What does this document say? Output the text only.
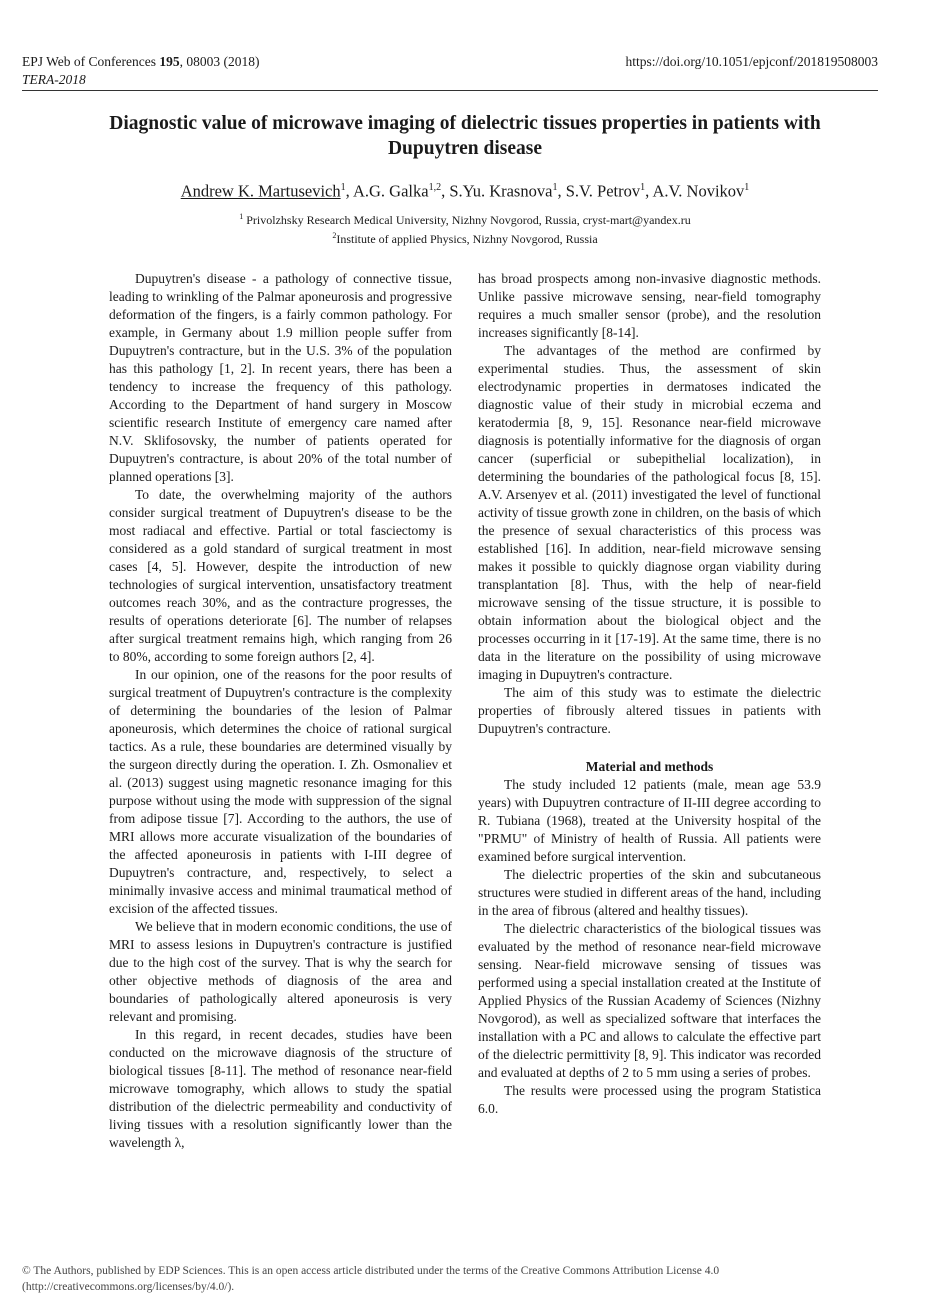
EPJ Web of Conferences 195, 08003 (2018)
TERA-2018
https://doi.org/10.1051/epjconf/201819508003
Diagnostic value of microwave imaging of dielectric tissues properties in patients with Dupuytren disease
Andrew K. Martusevich$^1$, A.G. Galka$^{1,2}$, S.Yu. Krasnova$^1$, S.V. Petrov$^1$, A.V. Novikov$^1$
$^1$ Privolzhsky Research Medical University, Nizhny Novgorod, Russia, cryst-mart@yandex.ru
$^2$Institute of applied Physics, Nizhny Novgorod, Russia

Dupuytren's disease - a pathology of connective tissue, leading to wrinkling of the Palmar aponeurosis and progressive deformation of the fingers, is a fairly common pathology. For example, in Germany about 1.9 million people suffer from Dupuytren's contracture, but in the U.S. 3% of the population has this pathology [1, 2]. In recent years, there has been a tendency to increase the frequency of this pathology. According to the Department of hand surgery in Moscow scientific research Institute of emergency care named after N.V. Sklifosovsky, the number of patients operated for Dupuytren's contracture, is about 20% of the total number of planned operations [3].

To date, the overwhelming majority of the authors consider surgical treatment of Dupuytren's disease to be the most radiacal and effective. Partial or total fasciectomy is considered as a gold standard of surgical treatment in most cases [4, 5]. However, despite the introduction of new technologies of surgical intervention, unsatisfactory treatment outcomes reach 30%, and as the contracture progresses, the results of operations deteriorate [6]. The number of relapses after surgical treatment remains high, which ranging from 26 to 80%, according to some foreign authors [2, 4].

In our opinion, one of the reasons for the poor results of surgical treatment of Dupuytren's contracture is the complexity of determining the boundaries of the lesion of Palmar aponeurosis, which determines the choice of rational surgical tactics. As a rule, these boundaries are determined visually by the surgeon directly during the operation. I. Zh. Osmonaliev et al. (2013) suggest using magnetic resonance imaging for this purpose without using the mode with suppression of the signal from adipose tissue [7]. According to the authors, the use of MRI allows more accurate visualization of the boundaries of the affected aponeurosis in patients with I-III degree of Dupuytren's contracture, and, respectively, to select a minimally invasive access and minimal traumatical method of excision of the affected tissues.

We believe that in modern economic conditions, the use of MRI to assess lesions in Dupuytren's contracture is justified due to the high cost of the survey. That is why the search for other objective methods of diagnosis of the area and boundaries of pathologically altered aponeurosis is very relevant and promising.

In this regard, in recent decades, studies have been conducted on the microwave diagnosis of the structure of biological tissues [8-11]. The method of resonance near-field microwave tomography, which allows to study the spatial distribution of the dielectric permeability and conductivity of living tissues with a resolution significantly lower than the wavelength λ,

has broad prospects among non-invasive diagnostic methods. Unlike passive microwave sensing, near-field tomography requires a much smaller sensor (probe), and the resolution increases significantly [8-14].

The advantages of the method are confirmed by experimental studies. Thus, the assessment of skin electrodynamic properties in dermatoses indicated the diagnostic value of their study in microbial eczema and keratodermia [8, 9, 15]. Resonance near-field microwave diagnosis is potentially informative for the diagnosis of organ cancer (superficial or subepithelial localization), in determining the boundaries of the pathological focus [8, 15]. A.V. Arsenyev et al. (2011) investigated the level of functional activity of tissue growth zone in children, on the basis of which the presence of sexual characteristics of this process was established [16]. In addition, near-field microwave sensing makes it possible to quickly diagnose organ viability during transplantation [8]. Thus, with the help of near-field microwave sensing of the tissue structure, it is possible to obtain information about the biological object and the processes occurring in it [17-19]. At the same time, there is no data in the literature on the possibility of using microwave imaging in Dupuytren's contracture.

The aim of this study was to estimate the dielectric properties of fibrously altered tissues in patients with Dupuytren's contracture.

Material and methods

The study included 12 patients (male, mean age 53.9 years) with Dupuytren contracture of II-III degree according to R. Tubiana (1968), treated at the University hospital of the "PRMU" of Ministry of health of Russia. All patients were examined before surgical intervention.

The dielectric properties of the skin and subcutaneous structures were studied in different areas of the hand, including in the area of fibrous (altered and healthy tissues).

The dielectric characteristics of the biological tissues was evaluated by the method of resonance near-field microwave sensing. Near-field microwave sensing of tissues was performed using a special installation created at the Institute of Applied Physics of the Russian Academy of Sciences (Nizhny Novgorod), as well as specialized software that interfaces the installation with a PC and allows to calculate the effective part of the dielectric permittivity [8, 9]. This indicator was recorded and evaluated at depths of 2 to 5 mm using a series of probes.

The results were processed using the program Statistica 6.0.

© The Authors, published by EDP Sciences. This is an open access article distributed under the terms of the Creative Commons Attribution License 4.0 (http://creativecommons.org/licenses/by/4.0/).
